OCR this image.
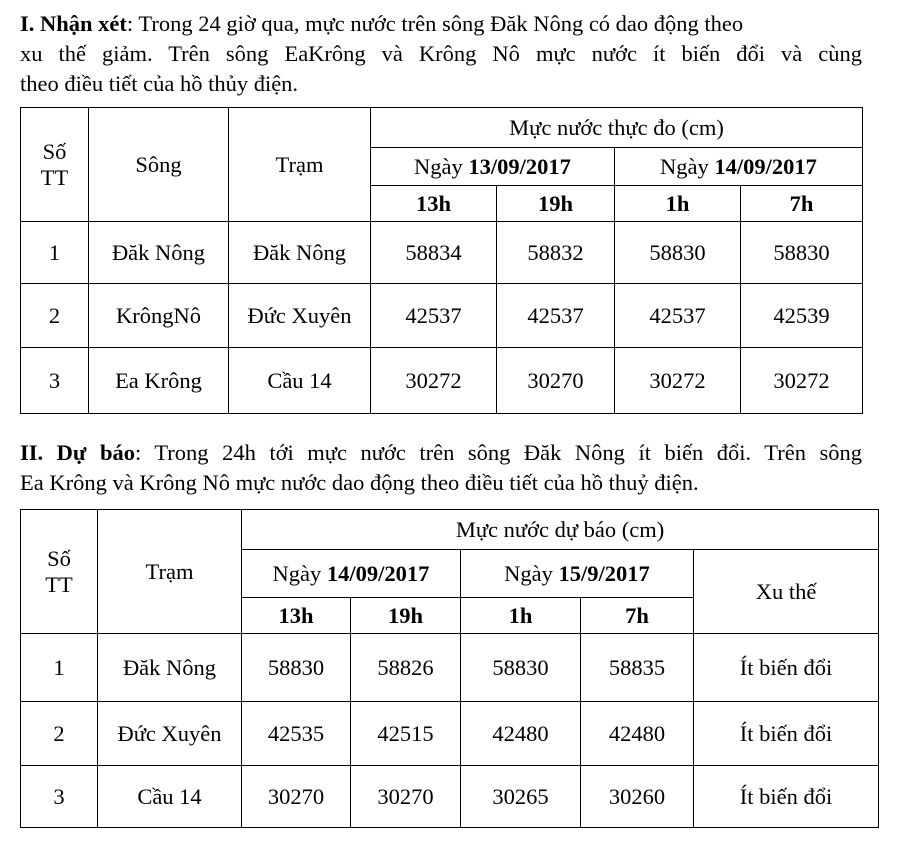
I. Nhận xét: Trong 24 giờ qua, mực nước trên sông Đăk Nông có dao động theo
xu thế giảm. Trên sông EaKrông và Krông Nô mực nước ít biến đổi và cùng
theo điều tiết của hồ thủy điện.
Số
TT	Sông	Trạm	Mực nước thực đo (cm)			
			Ngày 13/09/2017		Ngày 14/09/2017	
			13h	19h	1h	7h
1	Đăk Nông	Đăk Nông	58834	58832	58830	58830
2	KrôngNô	Đức Xuyên	42537	42537	42537	42539
3	Ea Krông	Cầu 14	30272	30270	30272	30272
II. Dự báo: Trong 24h tới mực nước trên sông Đăk Nông ít biến đổi. Trên sông
Ea Krông và Krông Nô mực nước dao động theo điều tiết của hồ thuỷ điện.
Số
TT	Trạm	Mực nước dự báo (cm)				
		Ngày 14/09/2017		Ngày 15/9/2017		Xu thế
		13h	19h	1h	7h	
1	Đăk Nông	58830	58826	58830	58835	Ít biến đổi
2	Đức Xuyên	42535	42515	42480	42480	Ít biến đổi
3	Cầu 14	30270	30270	30265	30260	Ít biến đổi
